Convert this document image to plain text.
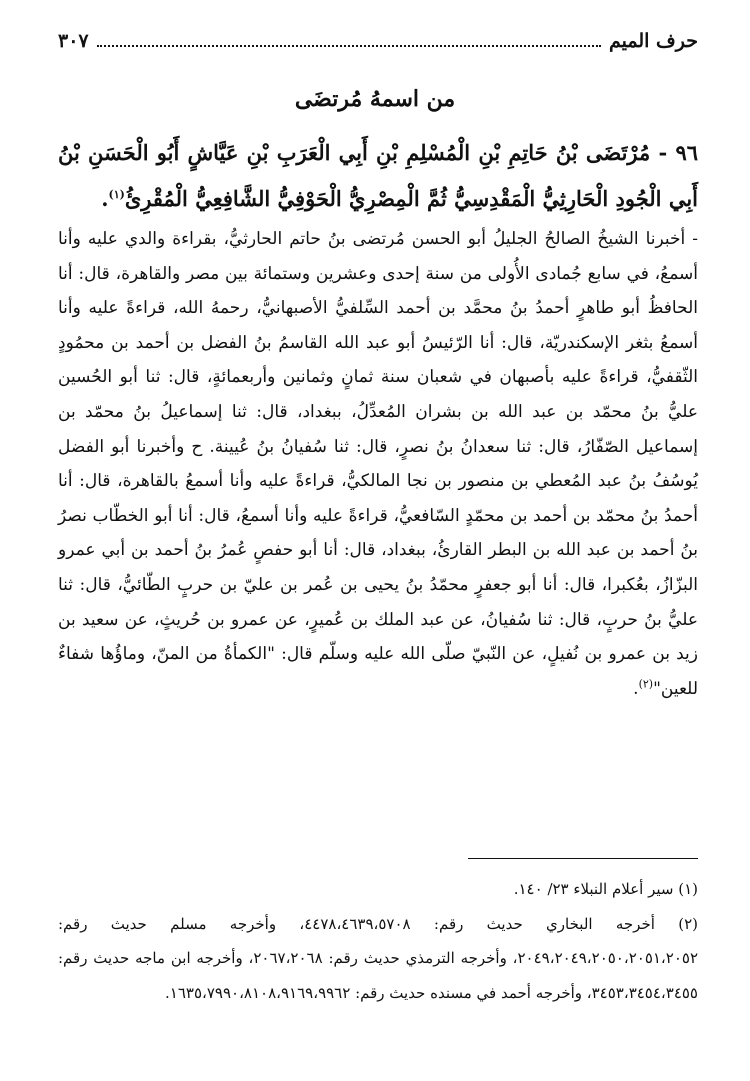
حرف الميم
٣٠٧
من اسمهُ مُرتضَى
٩٦ - مُرْتَضَى بْنُ حَاتِمِ بْنِ الْمُسْلِمِ بْنِ أَبِي الْعَرَبِ بْنِ عَيَّاشٍ أَبُو الْحَسَنِ بْنُ أَبِي الْجُودِ الْحَارِثِيُّ الْمَقْدِسِيُّ ثُمَّ الْمِصْرِيُّ الْحَوْفِيُّ الشَّافِعِيُّ الْمُقْرِئُ$^{(١)}$.

- أخبرنا الشيخُ الصالحُ الجليلُ أبو الحسن مُرتضى بنُ حاتم الحارثيُّ، بقراءة والدي عليه وأنا أسمعُ، في سابع جُمادى الأُولى من سنة إحدى وعشرين وستمائة بين مصر والقاهرة، قال: أنا الحافظُ أبو طاهرٍ أحمدُ بنُ محمَّد بن أحمد السِّلفيُّ الأصبهانيُّ، رحمهُ الله، قراءةً عليه وأنا أسمعُ بثغر الإسكندريّة، قال: أنا الرّئيسُ أبو عبد الله القاسمُ بنُ الفضل بن أحمد بن محمُودٍ الثّقفيُّ، قراءةً عليه بأصبهان في شعبان سنة ثمانٍ وثمانين وأربعمائةٍ، قال: ثنا أبو الحُسين عليُّ بنُ محمّد بن عبد الله بن بشران المُعدِّلُ، ببغداد، قال: ثنا إسماعيلُ بنُ محمّد بن إسماعيل الصّفّارُ، قال: ثنا سعدانُ بنُ نصرٍ، قال: ثنا سُفيانُ بنُ عُيينة. ح وأخبرنا أبو الفضل يُوسُفُ بنُ عبد المُعطي بن منصور بن نجا المالكيُّ، قراءةً عليه وأنا أسمعُ بالقاهرة، قال: أنا أحمدُ بنُ محمّد بن أحمد بن محمّدٍ السّافعيُّ، قراءةً عليه وأنا أسمعُ، قال: أنا أبو الخطّاب نصرُ بنُ أحمد بن عبد الله بن البطر القارئُ، ببغداد، قال: أنا أبو حفصٍ عُمرُ بنُ أحمد بن أبي عمرو البزّازُ، بعُكبرا، قال: أنا أبو جعفرٍ محمّدُ بنُ يحيى بن عُمر بن عليّ بن حربٍ الطّائيُّ، قال: ثنا عليُّ بنُ حربٍ، قال: ثنا سُفيانُ، عن عبد الملك بن عُميرٍ، عن عمرو بن حُريثٍ، عن سعيد بن زيد بن عمرو بن نُفيلٍ، عن النّبيّ صلّى الله عليه وسلّم قال: "الكمأةُ من المنّ، وماؤُها شفاءٌ للعين"$^{(٢)}$.

(١) سير أعلام النبلاء ٢٣/ ١٤٠.

(٢) أخرجه البخاري حديث رقم: ٤٤٧٨،٤٦٣٩،٥٧٠٨، وأخرجه مسلم حديث رقم: ٢٠٤٩،٢٠٤٩،٢٠٥٠،٢٠٥١،٢٠٥٢، وأخرجه الترمذي حديث رقم: ٢٠٦٧،٢٠٦٨، وأخرجه ابن ماجه حديث رقم: ٣٤٥٣،٣٤٥٤،٣٤٥٥، وأخرجه أحمد في مسنده حديث رقم: ١٦٣٥،٧٩٩٠،٨١٠٨،٩١٦٩،٩٩٦٢.
